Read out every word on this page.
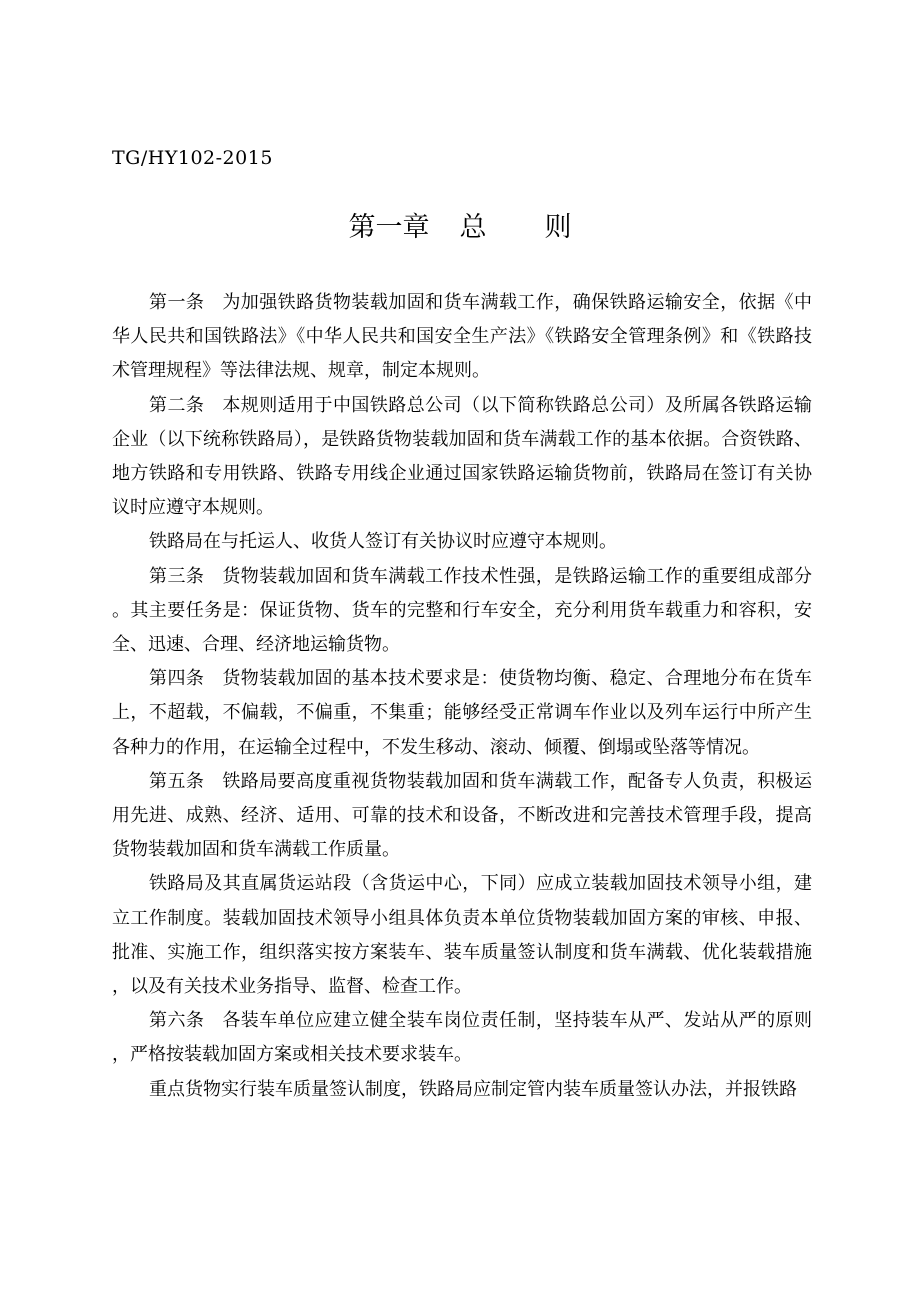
TG/HY102-2015
第一章 总 则

第一条 为加强铁路货物装载加固和货车满载工作，确保铁路运输安全，依据《中华人民共和国铁路法》《中华人民共和国安全生产法》《铁路安全管理条例》和《铁路技术管理规程》等法律法规、规章，制定本规则。

第二条 本规则适用于中国铁路总公司（以下简称铁路总公司）及所属各铁路运输企业（以下统称铁路局），是铁路货物装载加固和货车满载工作的基本依据。合资铁路、地方铁路和专用铁路、铁路专用线企业通过国家铁路运输货物前，铁路局在签订有关协议时应遵守本规则。

铁路局在与托运人、收货人签订有关协议时应遵守本规则。

第三条 货物装载加固和货车满载工作技术性强，是铁路运输工作的重要组成部分。其主要任务是：保证货物、货车的完整和行车安全，充分利用货车载重力和容积，安全、迅速、合理、经济地运输货物。

第四条 货物装载加固的基本技术要求是：使货物均衡、稳定、合理地分布在货车上，不超载，不偏载，不偏重，不集重；能够经受正常调车作业以及列车运行中所产生各种力的作用，在运输全过程中，不发生移动、滚动、倾覆、倒塌或坠落等情况。

第五条 铁路局要高度重视货物装载加固和货车满载工作，配备专人负责，积极运用先进、成熟、经济、适用、可靠的技术和设备，不断改进和完善技术管理手段，提高货物装载加固和货车满载工作质量。

铁路局及其直属货运站段（含货运中心，下同）应成立装载加固技术领导小组，建立工作制度。装载加固技术领导小组具体负责本单位货物装载加固方案的审核、申报、批准、实施工作，组织落实按方案装车、装车质量签认制度和货车满载、优化装载措施，以及有关技术业务指导、监督、检查工作。

第六条 各装车单位应建立健全装车岗位责任制，坚持装车从严、发站从严的原则，严格按装载加固方案或相关技术要求装车。

重点货物实行装车质量签认制度，铁路局应制定管内装车质量签认办法，并报铁路
